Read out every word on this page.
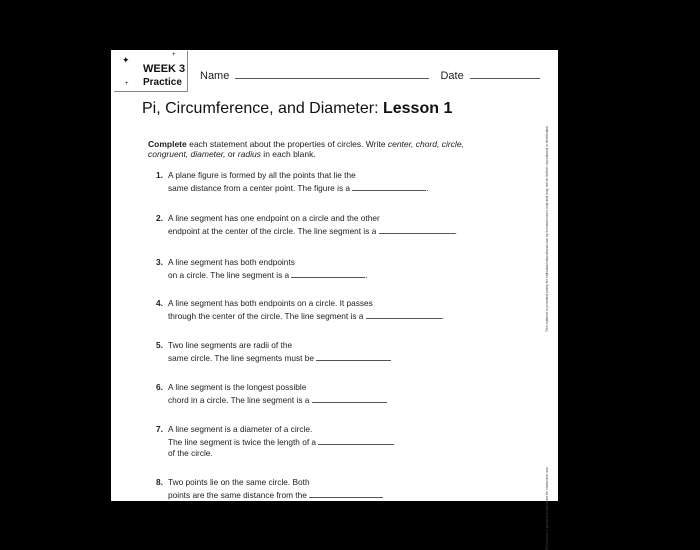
✦	+
+
WEEK 3
Practice
Name	Date
Pi, Circumference, and Diameter: Lesson 1
Complete each statement about the properties of circles. Write center, chord, circle, congruent, diameter, or radius in each blank.
1. A plane figure is formed by all the points that lie the
same distance from a center point. The figure is a	.
2. A line segment has one endpoint on a circle and the other
endpoint at the center of the circle. The line segment is a	.
3. A line segment has both endpoints
on a circle. The line segment is a	.
4. A line segment has both endpoints on a circle. It passes
through the center of the circle. The line segment is a	.
5. Two line segments are radii of the
same circle. The line segments must be
6. A line segment is the longest possible
chord in a circle. The line segment is a
7. A line segment is a diameter of a circle.
The line segment is twice the length of a
of the circle.
8. Two points lie on the same circle. Both
points are the same distance from the
This material is provided solely for individual educational use by licensed users only and may not be further reproduced or distributed.
Permission is granted to reproduce for classroom use.
